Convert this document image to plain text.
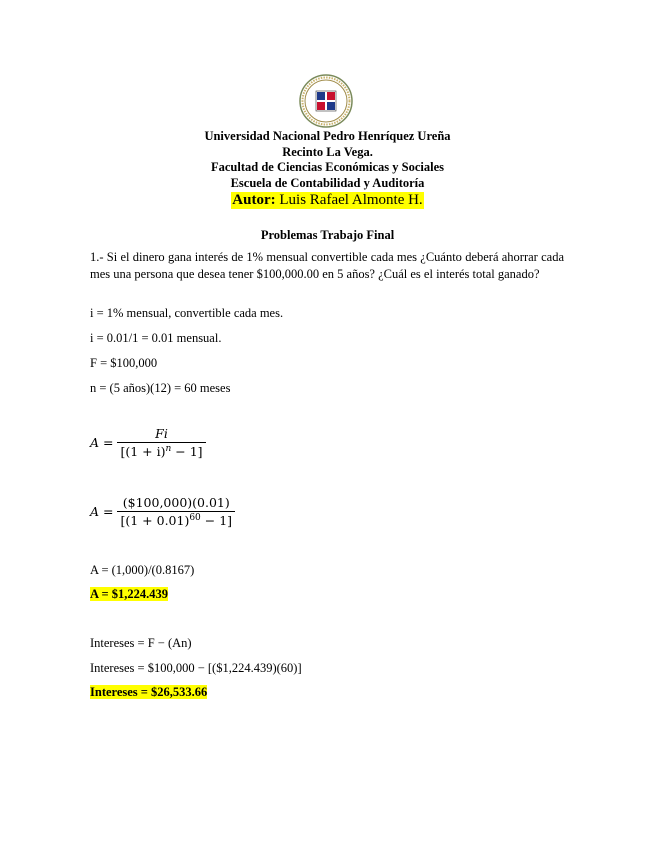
Universidad Nacional Pedro Henríquez Ureña
Recinto La Vega.
Facultad de Ciencias Económicas y Sociales
Escuela de Contabilidad y Auditoría
Autor: Luis Rafael Almonte H.
Problemas Trabajo Final
1.- Si el dinero gana interés de 1% mensual convertible cada mes ¿Cuánto deberá ahorrar cada mes una persona que desea tener $100,000.00 en 5 años? ¿Cuál es el interés total ganado?
i = 1% mensual, convertible cada mes.
i = 0.01/1 = 0.01 mensual.
F = $100,000
n = (5 años)(12) = 60 meses
$A = \frac{Fi}{[(1 + i)^n - 1]}$
$A = \frac{(\$100,000)(0.01)}{[(1 + 0.01)^{60} - 1]}$
A = (1,000)/(0.8167)
A = $1,224.439
Intereses = F − (An)
Intereses = $100,000 − [($1,224.439)(60)]
Intereses = $26,533.66
